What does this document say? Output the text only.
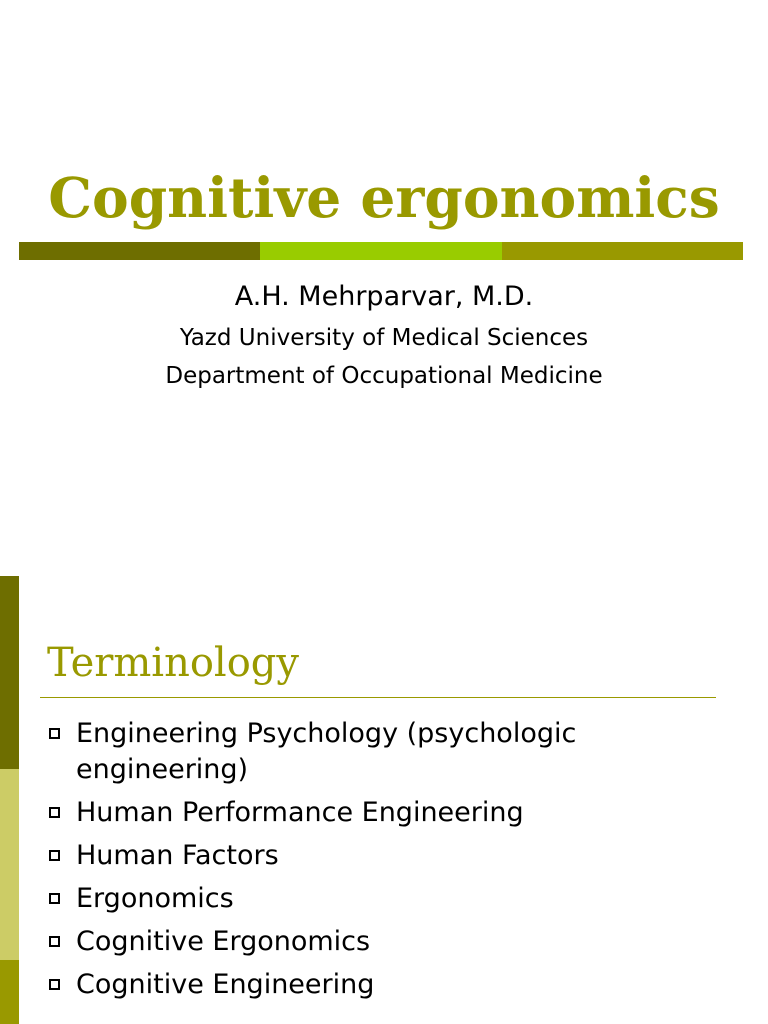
Cognitive ergonomics
A.H. Mehrparvar, M.D.
Yazd University of Medical Sciences
Department of Occupational Medicine
Terminology
Engineering Psychology (psychologic engineering)
Human Performance Engineering
Human Factors
Ergonomics
Cognitive Ergonomics
Cognitive Engineering
